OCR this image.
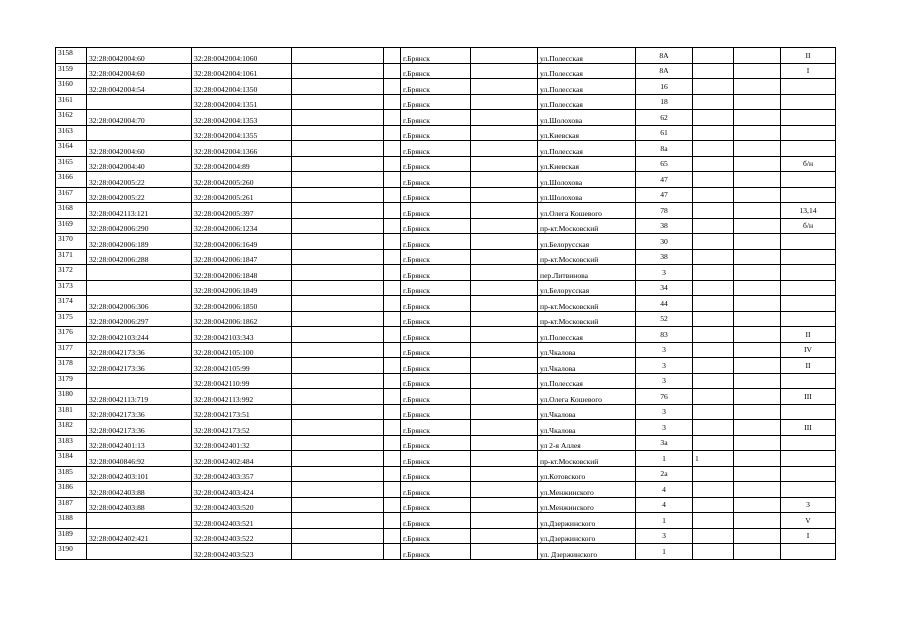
3158	32:28:0042004:60	32:28:0042004:1060			г.Брянск		ул.Полесская	8А			II
3159	32:28:0042004:60	32:28:0042004:1061			г.Брянск		ул.Полесская	8А			I
3160	32:28:0042004:54	32:28:0042004:1350			г.Брянск		ул.Полесская	16			
3161		32:28:0042004:1351			г.Брянск		ул.Полесская	18			
3162	32:28:0042004:70	32:28:0042004:1353			г.Брянск		ул.Шолохова	62			
3163		32:28:0042004:1355			г.Брянск		ул.Киевская	61			
3164	32:28:0042004:60	32:28:0042004:1366			г.Брянск		ул.Полесская	8а			
3165	32:28:0042004:40	32:28:0042004:89			г.Брянск		ул.Киевская	65			б/н
3166	32:28:0042005:22	32:28:0042005:260			г.Брянск		ул.Шолохова	47			
3167	32:28:0042005:22	32:28:0042005:261			г.Брянск		ул.Шолохова	47			
3168	32:28:0042113:121	32:28:0042005:397			г.Брянск		ул.Олега Кошевого	78			13,14
3169	32:28:0042006:290	32:28:0042006:1234			г.Брянск		пр-кт.Московский	38			б/н
3170	32:28:0042006:189	32:28:0042006:1649			г.Брянск		ул.Белорусская	30			
3171	32:28:0042006:288	32:28:0042006:1847			г.Брянск		пр-кт.Московский	38			
3172		32:28:0042006:1848			г.Брянск		пер.Литвинова	3			
3173		32:28:0042006:1849			г.Брянск		ул.Белорусская	34			
3174	32:28:0042006:306	32:28:0042006:1850			г.Брянск		пр-кт.Московский	44			
3175	32:28:0042006:297	32:28:0042006:1862			г.Брянск		пр-кт.Московский	52			
3176	32:28:0042103:244	32:28:0042103:343			г.Брянск		ул.Полесская	83			II
3177	32:28:0042173:36	32:28:0042105:100			г.Брянск		ул.Чкалова	3			IV
3178	32:28:0042173:36	32:28:0042105:99			г.Брянск		ул.Чкалова	3			II
3179		32:28:0042110:99			г.Брянск		ул.Полесская	3			
3180	32:28:0042113:719	32:28:0042113:992			г.Брянск		ул.Олега Кошевого	76			III
3181	32:28:0042173:36	32:28:0042173:51			г.Брянск		ул.Чкалова	3			
3182	32:28:0042173:36	32:28:0042173:52			г.Брянск		ул.Чкалова	3			III
3183	32:28:0042401:13	32:28:0042401:32			г.Брянск		ул 2-я Аллея	3а			
3184	32:28:0040846:92	32:28:0042402:484			г.Брянск		пр-кт.Московский	1	1		
3185	32:28:0042403:101	32:28:0042403:357			г.Брянск		ул.Котовского	2а			
3186	32:28:0042403:88	32:28:0042403:424			г.Брянск		ул.Менжинского	4			
3187	32:28:0042403:88	32:28:0042403:520			г.Брянск		ул.Менжинского	4			3
3188		32:28:0042403:521			г.Брянск		ул.Дзержинского	1			V
3189	32:28:0042402:421	32:28:0042403:522			г.Брянск		ул.Дзержинского	3			I
3190		32:28:0042403:523			г.Брянск		ул. Дзержинского	1			
